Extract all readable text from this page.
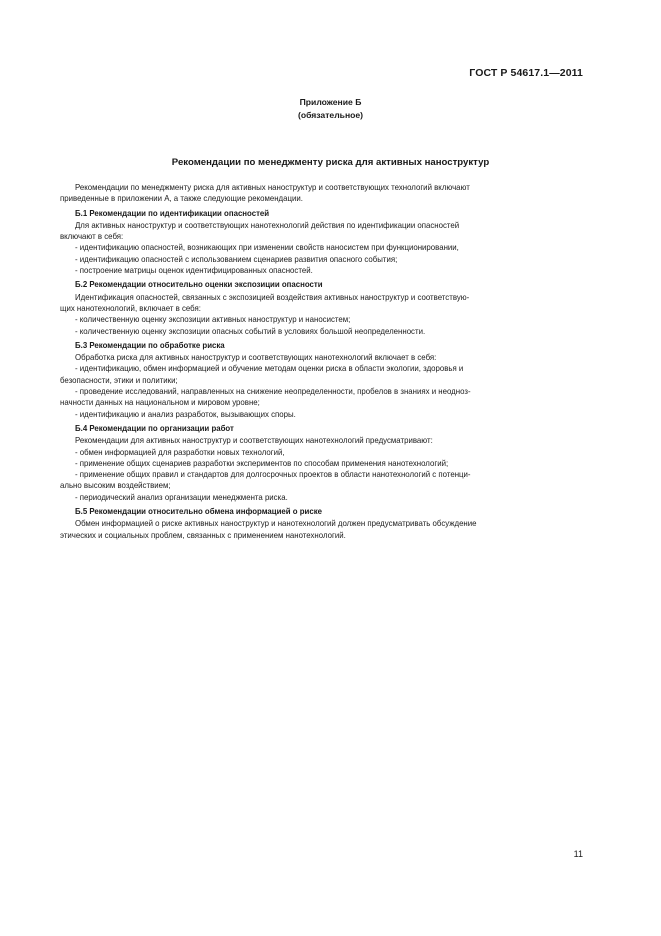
ГОСТ Р 54617.1—2011
Приложение Б
(обязательное)
Рекомендации по менеджменту риска для активных наноструктур

Рекомендации по менеджменту риска для активных наноструктур и соответствующих технологий включают

приведенные в приложении А, а также следующие рекомендации.

Б.1 Рекомендации по идентификации опасностей

Для активных наноструктур и соответствующих нанотехнологий действия по идентификации опасностей

включают в себя:

- идентификацию опасностей, возникающих при изменении свойств наносистем при функционировании,
- идентификацию опасностей с использованием сценариев развития опасного события;
- построение матрицы оценок идентифицированных опасностей.
Б.2 Рекомендации относительно оценки экспозиции опасности

Идентификация опасностей, связанных с экспозицией воздействия активных наноструктур и соответствую-

щих нанотехнологий, включает в себя:

- количественную оценку экспозиции активных наноструктур и наносистем;
- количественную оценку экспозиции опасных событий в условиях большой неопределенности.
Б.3 Рекомендации по обработке риска

Обработка риска для активных наноструктур и соответствующих нанотехнологий включает в себя:

- идентификацию, обмен информацией и обучение методам оценки риска в области экологии, здоровья и
безопасности, этики и политики;
- проведение исследований, направленных на снижение неопределенности, пробелов в знаниях и неодноз-
начности данных на национальном и мировом уровне;
- идентификацию и анализ разработок, вызывающих споры.
Б.4 Рекомендации по организации работ

Рекомендации для активных наноструктур и соответствующих нанотехнологий предусматривают:

- обмен информацией для разработки новых технологий,
- применение общих сценариев разработки экспериментов по способам применения нанотехнологий;
- применение общих правил и стандартов для долгосрочных проектов в области нанотехнологий с потенци-
ально высоким воздействием;
- периодический анализ организации менеджмента риска.
Б.5 Рекомендации относительно обмена информацией о риске

Обмен информацией о риске активных наноструктур и нанотехнологий должен предусматривать обсуждение

этических и социальных проблем, связанных с применением нанотехнологий.

11
